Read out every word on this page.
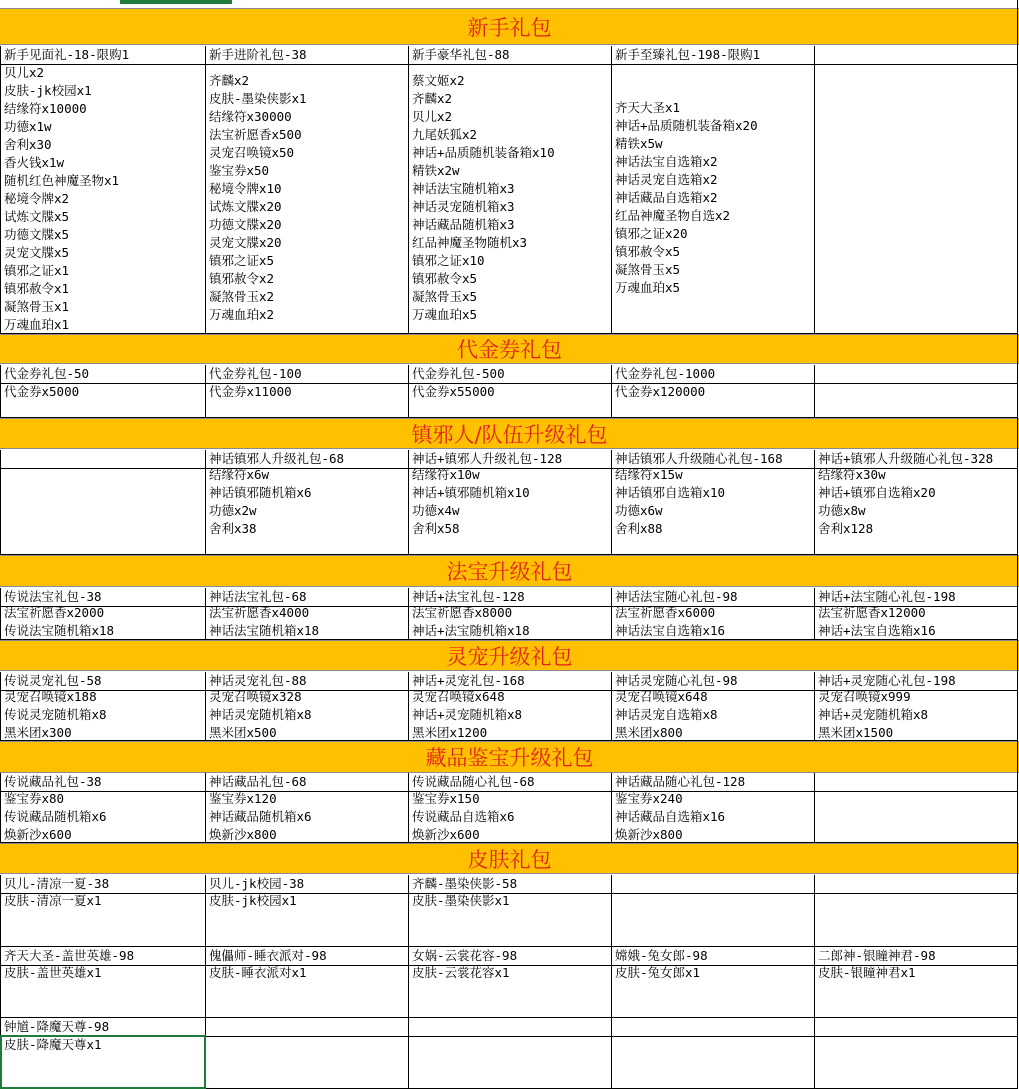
新手礼包
新手见面礼-18-限购1
贝儿x2
皮肤-jk校园x1
结缘符x10000
功德x1w
舍利x30
香火钱x1w
随机红色神魔圣物x1
秘境令牌x2
试炼文牒x5
功德文牒x5
灵宠文牒x5
镇邪之证x1
镇邪赦令x1
凝煞骨玉x1
万魂血珀x1
新手进阶礼包-38
齐麟x2
皮肤-墨染侠影x1
结缘符x30000
法宝祈愿香x500
灵宠召唤镜x50
鉴宝券x50
秘境令牌x10
试炼文牒x20
功德文牒x20
灵宠文牒x20
镇邪之证x5
镇邪赦令x2
凝煞骨玉x2
万魂血珀x2
新手豪华礼包-88
蔡文姬x2
齐麟x2
贝儿x2
九尾妖狐x2
神话+品质随机装备箱x10
精铁x2w
神话法宝随机箱x3
神话灵宠随机箱x3
神话藏品随机箱x3
红品神魔圣物随机x3
镇邪之证x10
镇邪赦令x5
凝煞骨玉x5
万魂血珀x5
新手至臻礼包-198-限购1
齐天大圣x1
神话+品质随机装备箱x20
精铁x5w
神话法宝自选箱x2
神话灵宠自选箱x2
神话藏品自选箱x2
红品神魔圣物自选x2
镇邪之证x20
镇邪赦令x5
凝煞骨玉x5
万魂血珀x5
代金券礼包
代金券礼包-50
代金券x5000
代金券礼包-100
代金券x11000
代金券礼包-500
代金券x55000
代金券礼包-1000
代金券x120000
镇邪人/队伍升级礼包
神话镇邪人升级礼包-68
结缘符x6w
神话镇邪随机箱x6
功德x2w
舍利x38
神话+镇邪人升级礼包-128
结缘符x10w
神话+镇邪随机箱x10
功德x4w
舍利x58
神话镇邪人升级随心礼包-168
结缘符x15w
神话镇邪自选箱x10
功德x6w
舍利x88
神话+镇邪人升级随心礼包-328
结缘符x30w
神话+镇邪自选箱x20
功德x8w
舍利x128
法宝升级礼包
传说法宝礼包-38
法宝祈愿香x2000
传说法宝随机箱x18
神话法宝礼包-68
法宝祈愿香x4000
神话法宝随机箱x18
神话+法宝礼包-128
法宝祈愿香x8000
神话+法宝随机箱x18
神话法宝随心礼包-98
法宝祈愿香x6000
神话法宝自选箱x16
神话+法宝随心礼包-198
法宝祈愿香x12000
神话+法宝自选箱x16
灵宠升级礼包
传说灵宠礼包-58
灵宠召唤镜x188
传说灵宠随机箱x8
黑米团x300
神话灵宠礼包-88
灵宠召唤镜x328
神话灵宠随机箱x8
黑米团x500
神话+灵宠礼包-168
灵宠召唤镜x648
神话+灵宠随机箱x8
黑米团x1200
神话灵宠随心礼包-98
灵宠召唤镜x648
神话灵宠自选箱x8
黑米团x800
神话+灵宠随心礼包-198
灵宠召唤镜x999
神话+灵宠随机箱x8
黑米团x1500
藏品鉴宝升级礼包
传说藏品礼包-38
鉴宝券x80
传说藏品随机箱x6
焕新沙x600
神话藏品礼包-68
鉴宝券x120
神话藏品随机箱x6
焕新沙x800
传说藏品随心礼包-68
鉴宝券x150
传说藏品自选箱x6
焕新沙x600
神话藏品随心礼包-128
鉴宝券x240
神话藏品自选箱x16
焕新沙x800
皮肤礼包
贝儿-清凉一夏-38
皮肤-清凉一夏x1
贝儿-jk校园-38
皮肤-jk校园x1
齐麟-墨染侠影-58
皮肤-墨染侠影x1
齐天大圣-盖世英雄-98
皮肤-盖世英雄x1
傀儡师-睡衣派对-98
皮肤-睡衣派对x1
女娲-云裳花容-98
皮肤-云裳花容x1
嫦娥-兔女郎-98
皮肤-兔女郎x1
二郎神-银瞳神君-98
皮肤-银瞳神君x1
钟馗-降魔天尊-98
皮肤-降魔天尊x1
